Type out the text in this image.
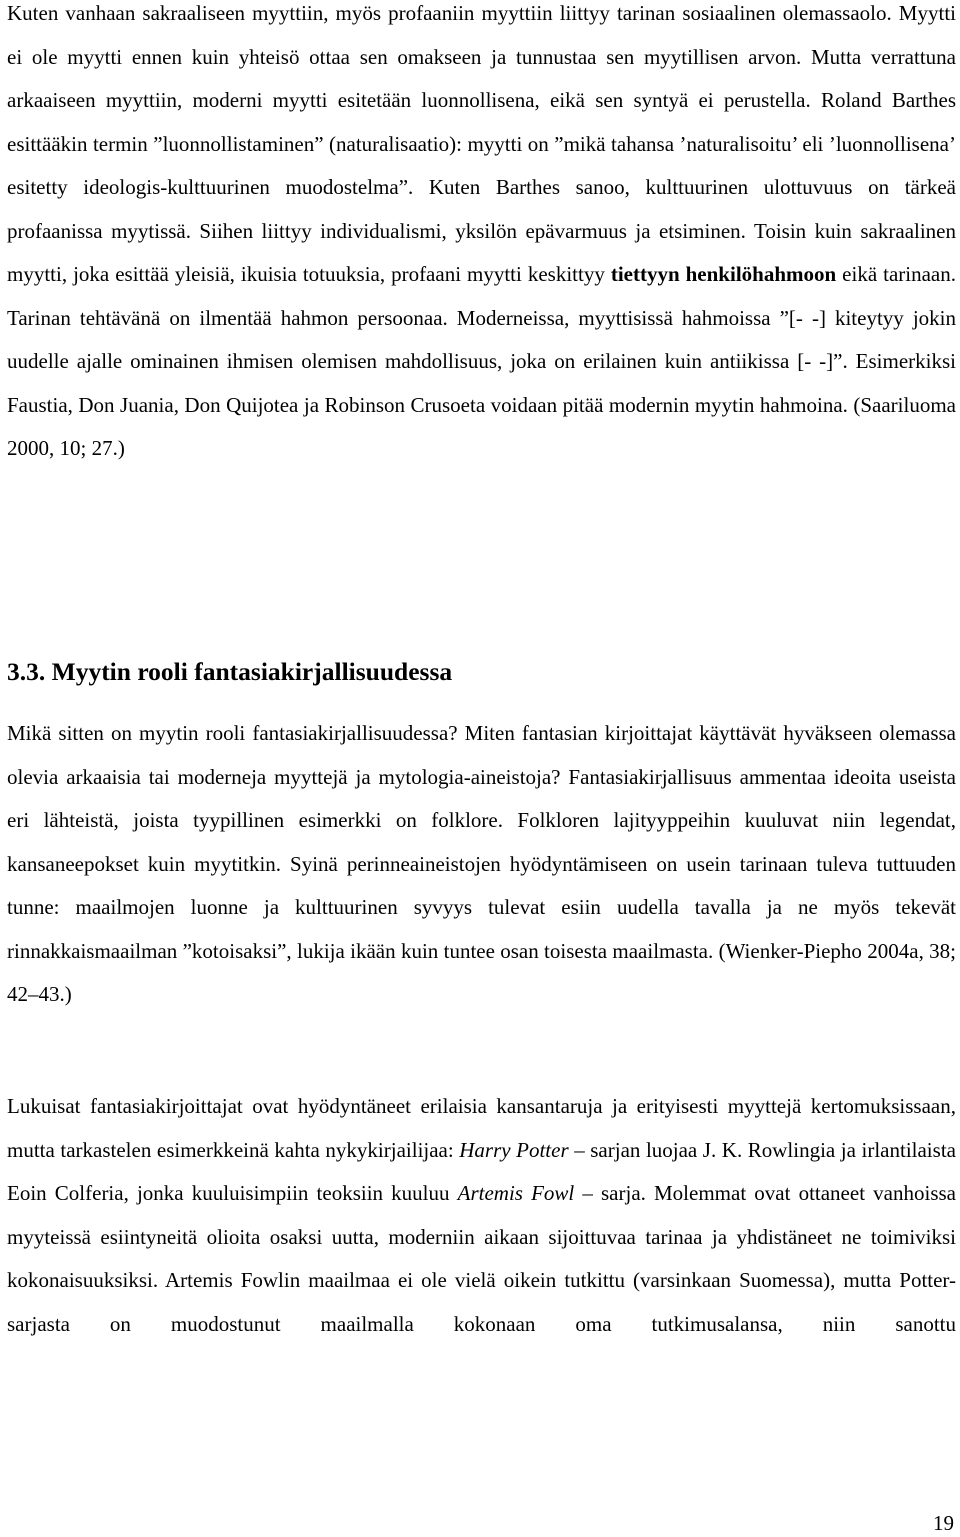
Kuten vanhaan sakraaliseen myyttiin, myös profaaniin myyttiin liittyy tarinan sosiaalinen olemassaolo. Myytti ei ole myytti ennen kuin yhteisö ottaa sen omakseen ja tunnustaa sen myytillisen arvon. Mutta verrattuna arkaaiseen myyttiin, moderni myytti esitetään luonnollisena, eikä sen syntyä ei perustella. Roland Barthes esittääkin termin ”luonnollistaminen” (naturalisaatio): myytti on ”mikä tahansa ’naturalisoitu’ eli ’luonnollisena’ esitetty ideologis-kulttuurinen muodostelma”. Kuten Barthes sanoo, kulttuurinen ulottuvuus on tärkeä profaanissa myytissä. Siihen liittyy individualismi, yksilön epävarmuus ja etsiminen. Toisin kuin sakraalinen myytti, joka esittää yleisiä, ikuisia totuuksia, profaani myytti keskittyy tiettyyn henkilöhahmoon eikä tarinaan. Tarinan tehtävänä on ilmentää hahmon persoonaa. Moderneissa, myyttisissä hahmoissa ”[- -] kiteytyy jokin uudelle ajalle ominainen ihmisen olemisen mahdollisuus, joka on erilainen kuin antiikissa [- -]”. Esimerkiksi Faustia, Don Juania, Don Quijotea ja Robinson Crusoeta voidaan pitää modernin myytin hahmoina. (Saariluoma 2000, 10; 27.)

3.3. Myytin rooli fantasiakirjallisuudessa

Mikä sitten on myytin rooli fantasiakirjallisuudessa? Miten fantasian kirjoittajat käyttävät hyväkseen olemassa olevia arkaaisia tai moderneja myyttejä ja mytologia-aineistoja? Fantasiakirjallisuus ammentaa ideoita useista eri lähteistä, joista tyypillinen esimerkki on folklore. Folkloren lajityyppeihin kuuluvat niin legendat, kansaneepokset kuin myytitkin. Syinä perinneaineistojen hyödyntämiseen on usein tarinaan tuleva tuttuuden tunne: maailmojen luonne ja kulttuurinen syvyys tulevat esiin uudella tavalla ja ne myös tekevät rinnakkaismaailman ”kotoisaksi”, lukija ikään kuin tuntee osan toisesta maailmasta. (Wienker-Piepho 2004a, 38; 42–43.)

Lukuisat fantasiakirjoittajat ovat hyödyntäneet erilaisia kansantaruja ja erityisesti myyttejä kertomuksissaan, mutta tarkastelen esimerkkeinä kahta nykykirjailijaa: Harry Potter – sarjan luojaa J. K. Rowlingia ja irlantilaista Eoin Colferia, jonka kuuluisimpiin teoksiin kuuluu Artemis Fowl – sarja. Molemmat ovat ottaneet vanhoissa myyteissä esiintyneitä olioita osaksi uutta, moderniin aikaan sijoittuvaa tarinaa ja yhdistäneet ne toimiviksi kokonaisuuksiksi. Artemis Fowlin maailmaa ei ole vielä oikein tutkittu (varsinkaan Suomessa), mutta Potter-sarjasta on muodostunut maailmalla kokonaan oma tutkimusalansa, niin sanottu

19
